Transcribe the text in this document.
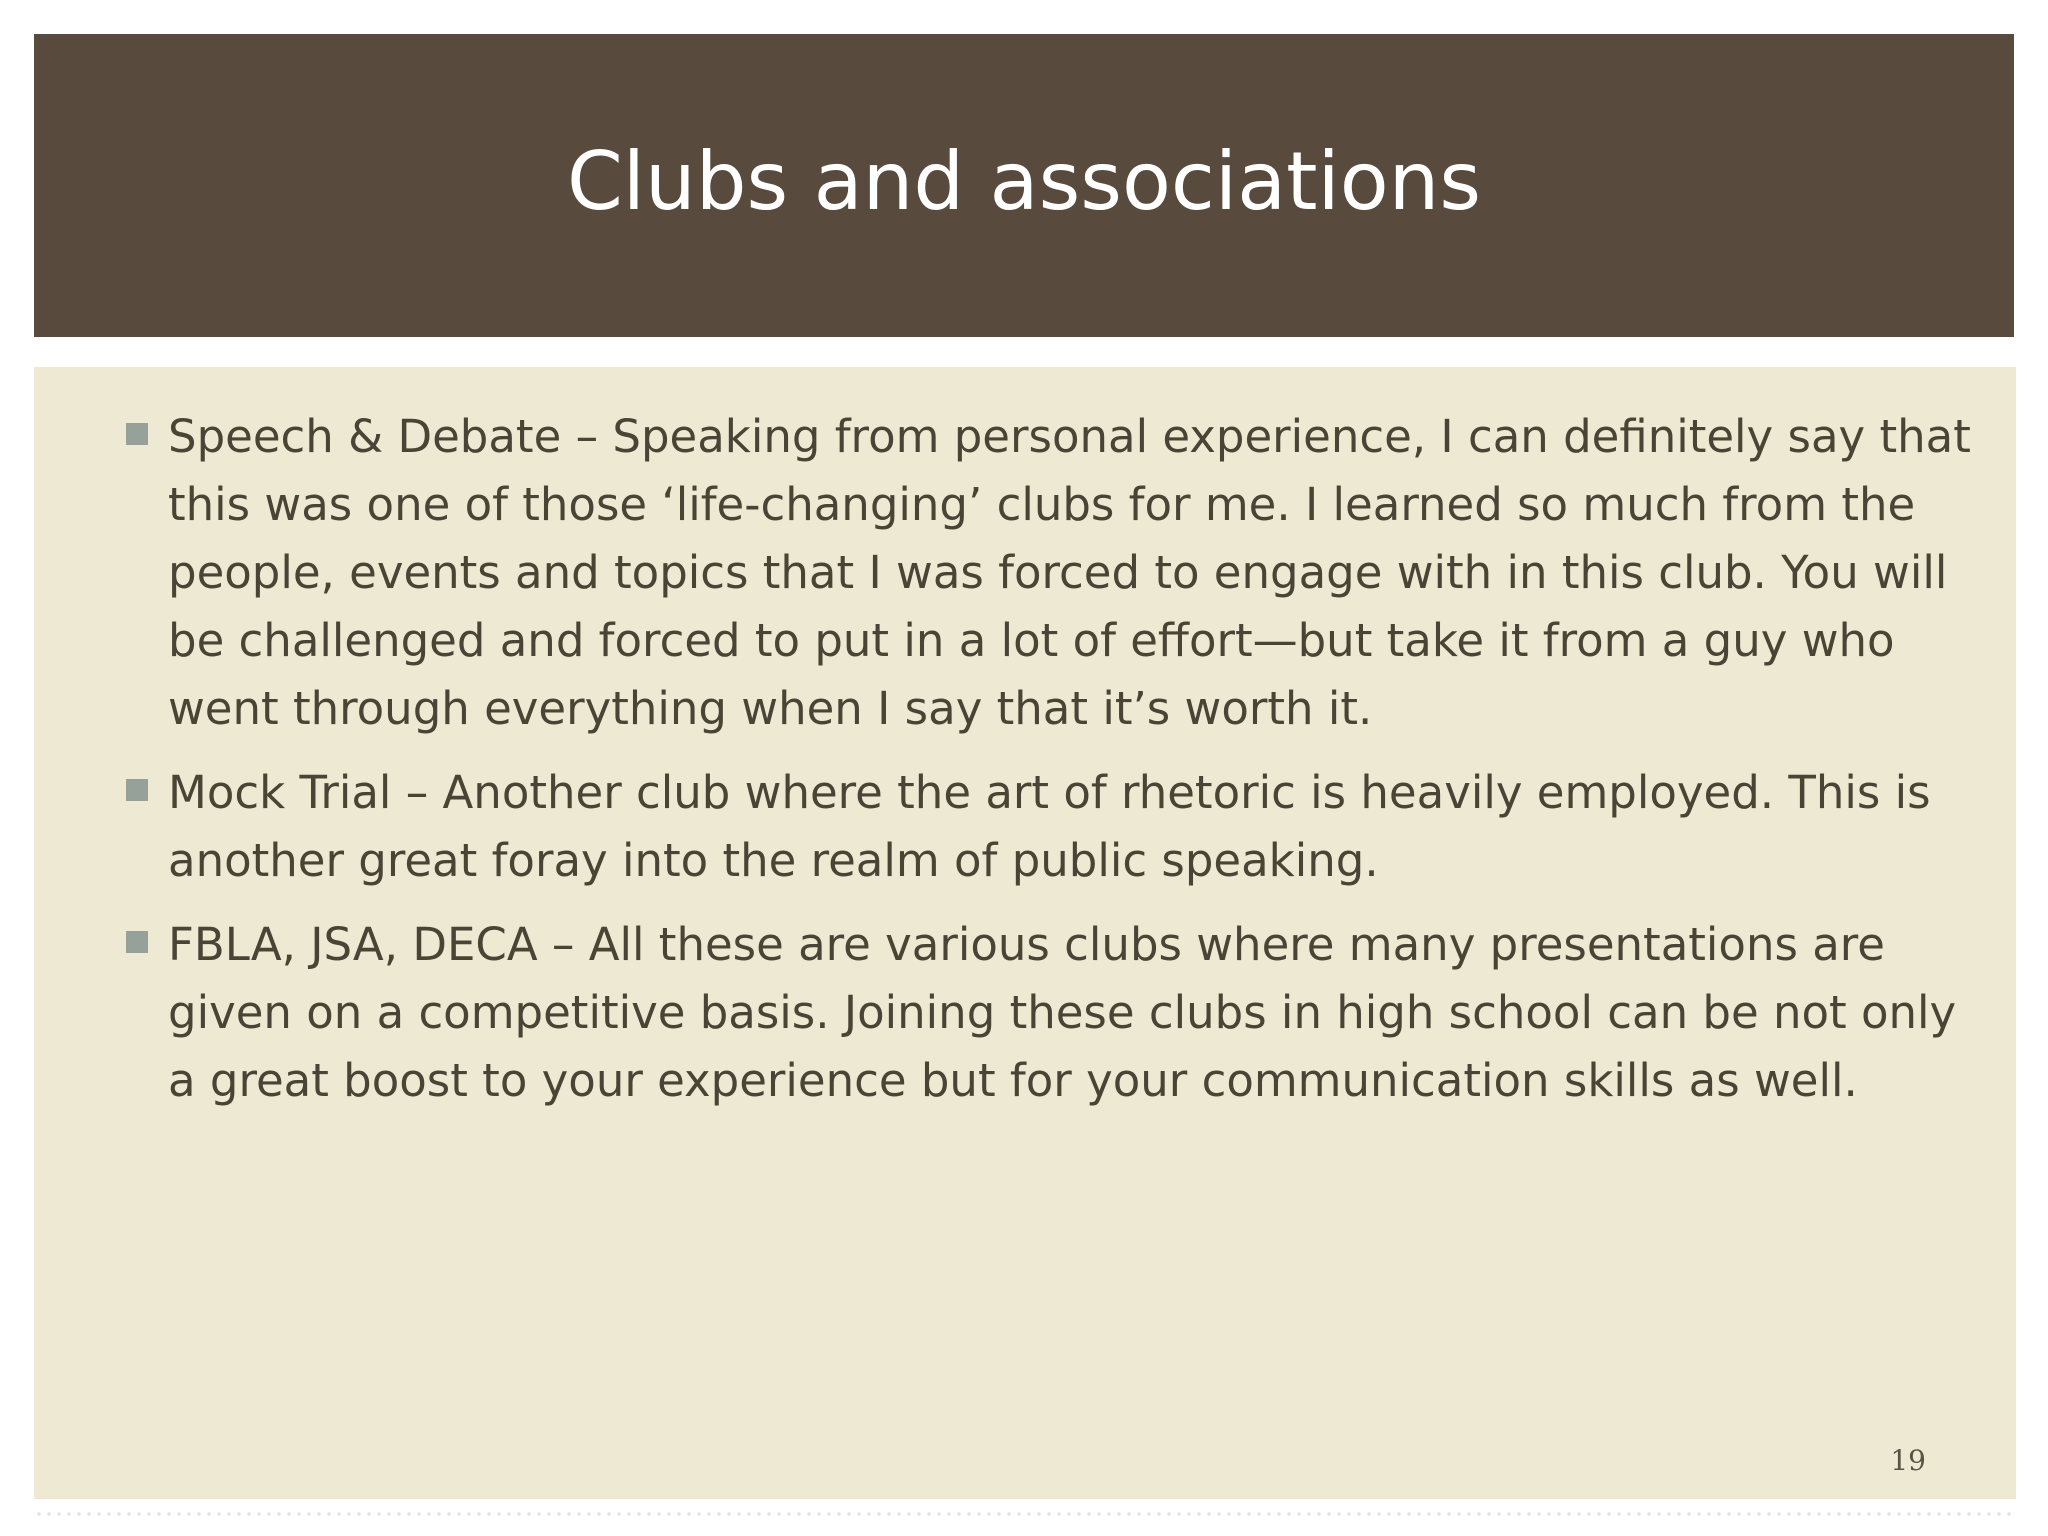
Clubs and associations
Speech & Debate – Speaking from personal experience, I can definitely say that this was one of those ‘life-changing’ clubs for me. I learned so much from the people, events and topics that I was forced to engage with in this club. You will be challenged and forced to put in a lot of effort—but take it from a guy who went through everything when I say that it’s worth it.
Mock Trial – Another club where the art of rhetoric is heavily employed. This is another great foray into the realm of public speaking.
FBLA, JSA, DECA – All these are various clubs where many presentations are given on a competitive basis. Joining these clubs in high school can be not only a great boost to your experience but for your communication skills as well.
19
